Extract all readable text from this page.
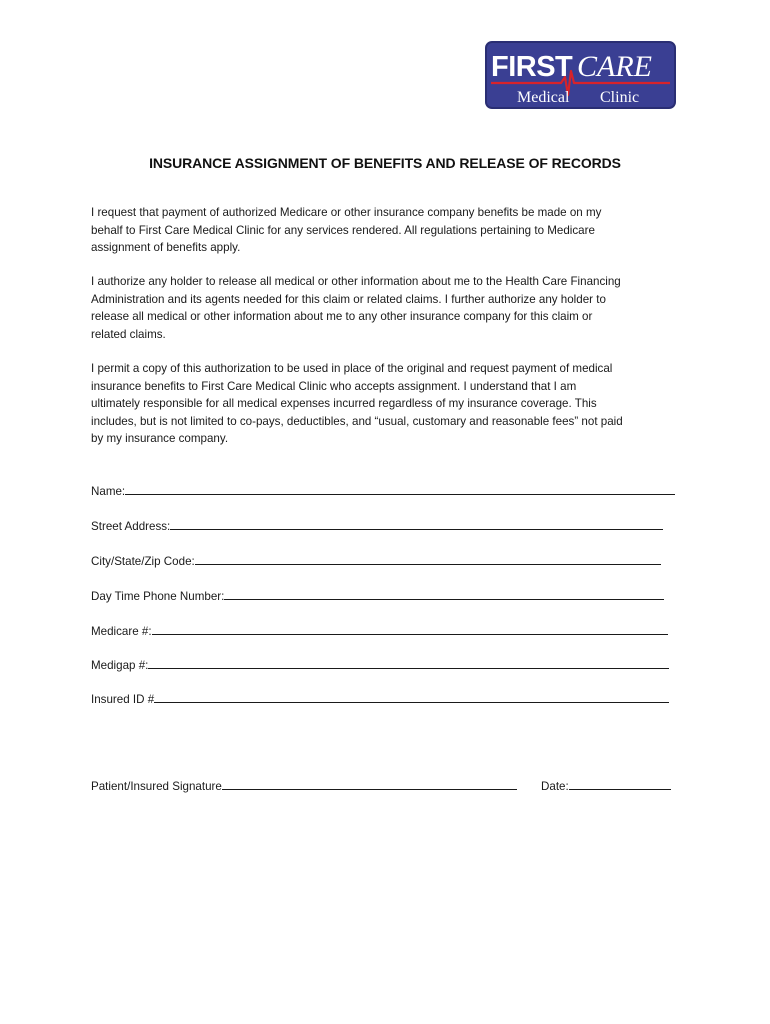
FIRST CARE
Medical Clinic
INSURANCE ASSIGNMENT OF BENEFITS AND RELEASE OF RECORDS
I request that payment of authorized Medicare or other insurance company benefits be made on my
behalf to First Care Medical Clinic for any services rendered. All regulations pertaining to Medicare
assignment of benefits apply.
I authorize any holder to release all medical or other information about me to the Health Care Financing
Administration and its agents needed for this claim or related claims. I further authorize any holder to
release all medical or other information about me to any other insurance company for this claim or
related claims.
I permit a copy of this authorization to be used in place of the original and request payment of medical
insurance benefits to First Care Medical Clinic who accepts assignment. I understand that I am
ultimately responsible for all medical expenses incurred regardless of my insurance coverage. This
includes, but is not limited to co-pays, deductibles, and “usual, customary and reasonable fees” not paid
by my insurance company.
Name:
Street Address:
City/State/Zip Code:
Day Time Phone Number:
Medicare #:
Medigap #:
Insured ID #
Patient/Insured Signature	Date:
